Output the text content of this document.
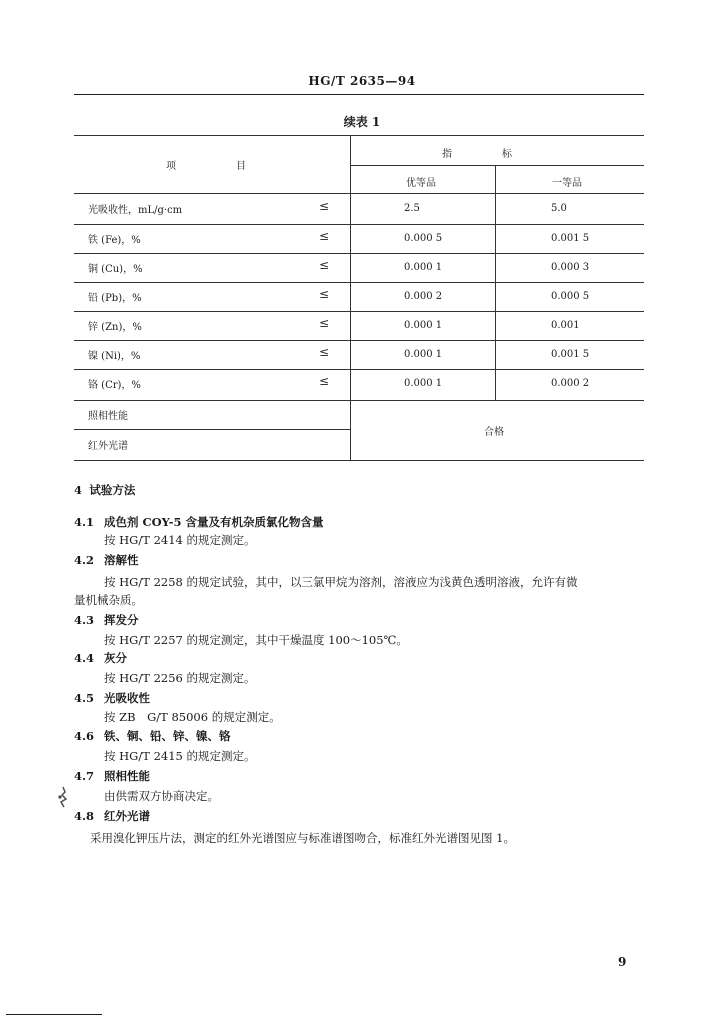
HG/T 2635—94
续表 1
项　　　　　　目
指　　　　　标
优等品	一等品
光吸收性，mL/g·cm	≤	2.5	5.0
铁 (Fe)，%	≤	0.000 5	0.001 5
铜 (Cu)，%	≤	0.000 1	0.000 3
铅 (Pb)，%	≤	0.000 2	0.000 5
锌 (Zn)，%	≤	0.000 1	0.001
镍 (Ni)，%	≤	0.000 1	0.001 5
铬 (Cr)，%	≤	0.000 1	0.000 2
照相性能
红外光谱
合格
4 试验方法
4.1 成色剂 COY-5 含量及有机杂质氯化物含量
按 HG/T 2414 的规定测定。
4.2 溶解性
按 HG/T 2258 的规定试验，其中，以三氯甲烷为溶剂，溶液应为浅黄色透明溶液，允许有微
量机械杂质。
4.3 挥发分
按 HG/T 2257 的规定测定，其中干燥温度 100～105℃。
4.4 灰分
按 HG/T 2256 的规定测定。
4.5 光吸收性
按 ZB　G/T 85006 的规定测定。
4.6 铁、铜、铅、锌、镍、铬
按 HG/T 2415 的规定测定。
4.7 照相性能
由供需双方协商决定。
4.8 红外光谱
采用溴化钾压片法，测定的红外光谱图应与标准谱图吻合，标准红外光谱图见图 1。
9
